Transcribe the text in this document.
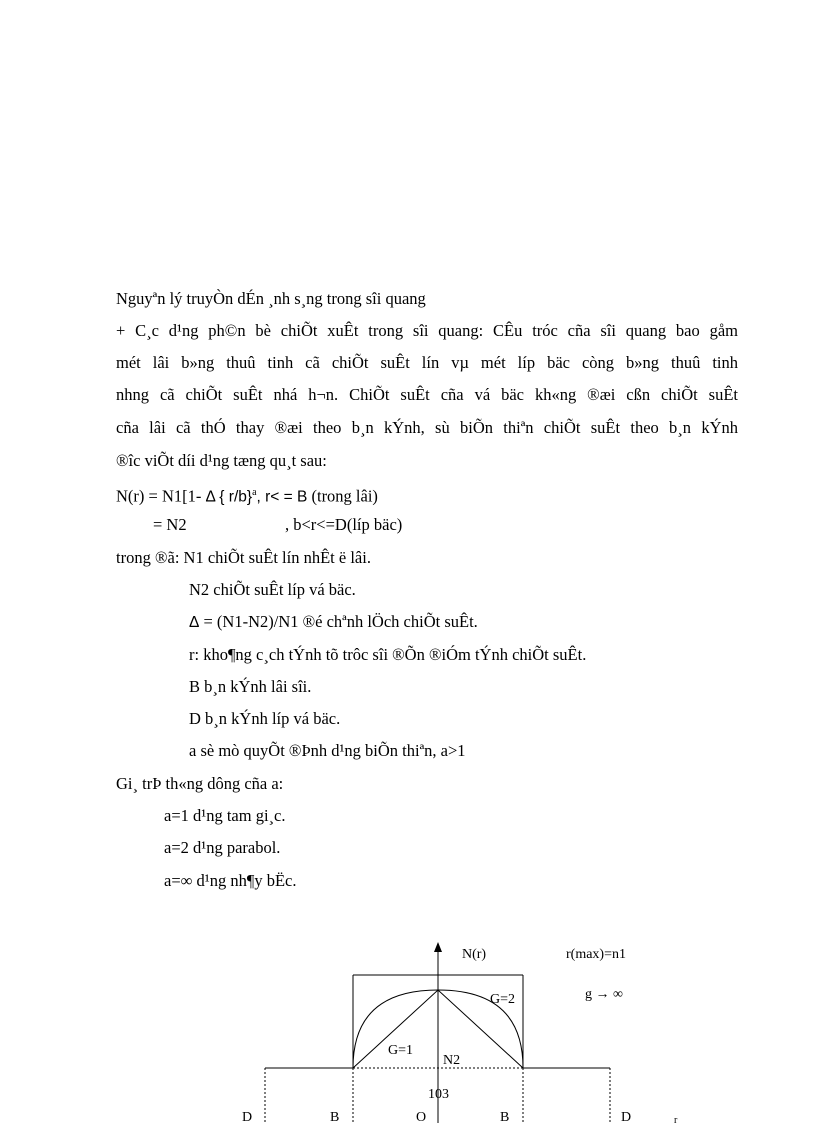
Nguyªn lý truyÒn dÉn ¸nh s¸ng trong sîi quang
+ C¸c d¹ng ph©n bè chiÕt xuÊt trong sîi quang: CÊu tróc cña sîi quang bao gåm
mét lâi b»ng thuû tinh cã chiÕt suÊt lín vµ mét líp bäc còng b»ng thuû tinh
nhng cã chiÕt suÊt nhá h¬n. ChiÕt suÊt cña vá bäc kh«ng ®æi cßn chiÕt suÊt
cña lâi cã thÓ thay ®æi theo b¸n kÝnh, sù biÕn thiªn chiÕt suÊt theo b¸n kÝnh
®îc viÕt díi d¹ng tæng qu¸t sau:
N(r) = N1[1- Δ { r/b}$^a$, r< = B (trong lâi)
= N2	, b<r<=D(líp bäc)
trong ®ã: N1 chiÕt suÊt lín nhÊt ë lâi.
N2 chiÕt suÊt líp vá bäc.
Δ = (N1-N2)/N1 ®é chªnh lÖch chiÕt suÊt.
r: kho¶ng c¸ch tÝnh tõ trôc sîi ®Õn ®iÓm tÝnh chiÕt suÊt.
B b¸n kÝnh lâi sîi.
D b¸n kÝnh líp vá bäc.
a sè mò quyÕt ®Þnh d¹ng biÕn thiªn, a>1
Gi¸ trÞ th«ng dông cña a:
a=1 d¹ng tam gi¸c.
a=2 d¹ng parabol.
a=∞ d¹ng nh¶y bËc.
N(r)	r(max)=n1
g → ∞
G=2
G=1
N2
103
D	B	O	B	D	r
